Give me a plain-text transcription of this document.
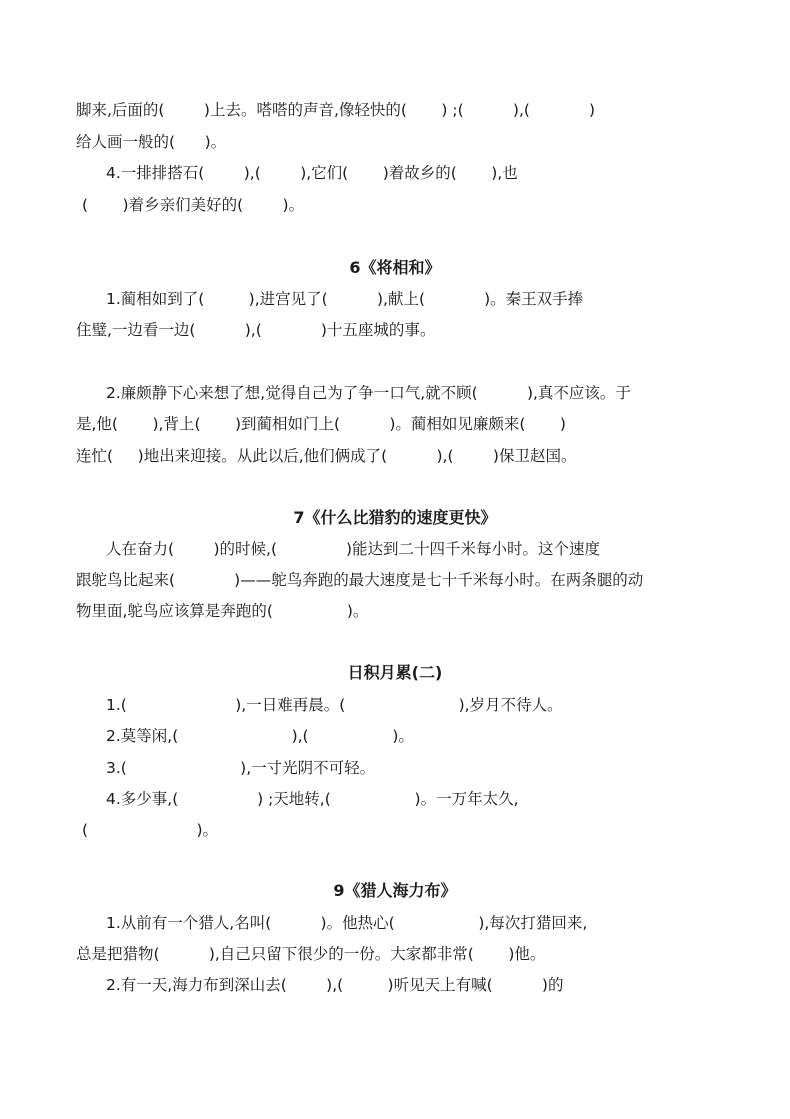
脚来,后面的(        )上去。嗒嗒的声音,像轻快的(       ) ;(          ),(            )
给人画一般的(      )。
4.一排排搭石(        ),(        ),它们(       )着故乡的(       ),也
(       )着乡亲们美好的(        )。
6《将相和》
1.蔺相如到了(         ),进宫见了(          ),献上(            )。秦王双手捧
住璧,一边看一边(          ),(            )十五座城的事。
2.廉颇静下心来想了想,觉得自己为了争一口气,就不顾(          ),真不应该。于
是,他(       ),背上(       )到蔺相如门上(          )。蔺相如见廉颇来(       )
连忙(     )地出来迎接。从此以后,他们俩成了(          ),(        )保卫赵国。
7《什么比猎豹的速度更快》
人在奋力(        )的时候,(              )能达到二十四千米每小时。这个速度
跟鸵鸟比起来(            )——鸵鸟奔跑的最大速度是七十千米每小时。在两条腿的动
物里面,鸵鸟应该算是奔跑的(               )。
日积月累(二)
1.(                      ),一日难再晨。(                       ),岁月不待人。
2.莫等闲,(                       ),(                 )。
3.(                       ),一寸光阴不可轻。
4.多少事,(                ) ;天地转,(                 )。一万年太久,
(                      )。
9《猎人海力布》
1.从前有一个猎人,名叫(          )。他热心(                 ),每次打猎回来,
总是把猎物(          ),自己只留下很少的一份。大家都非常(       )他。
2.有一天,海力布到深山去(        ),(         )听见天上有喊(          )的
